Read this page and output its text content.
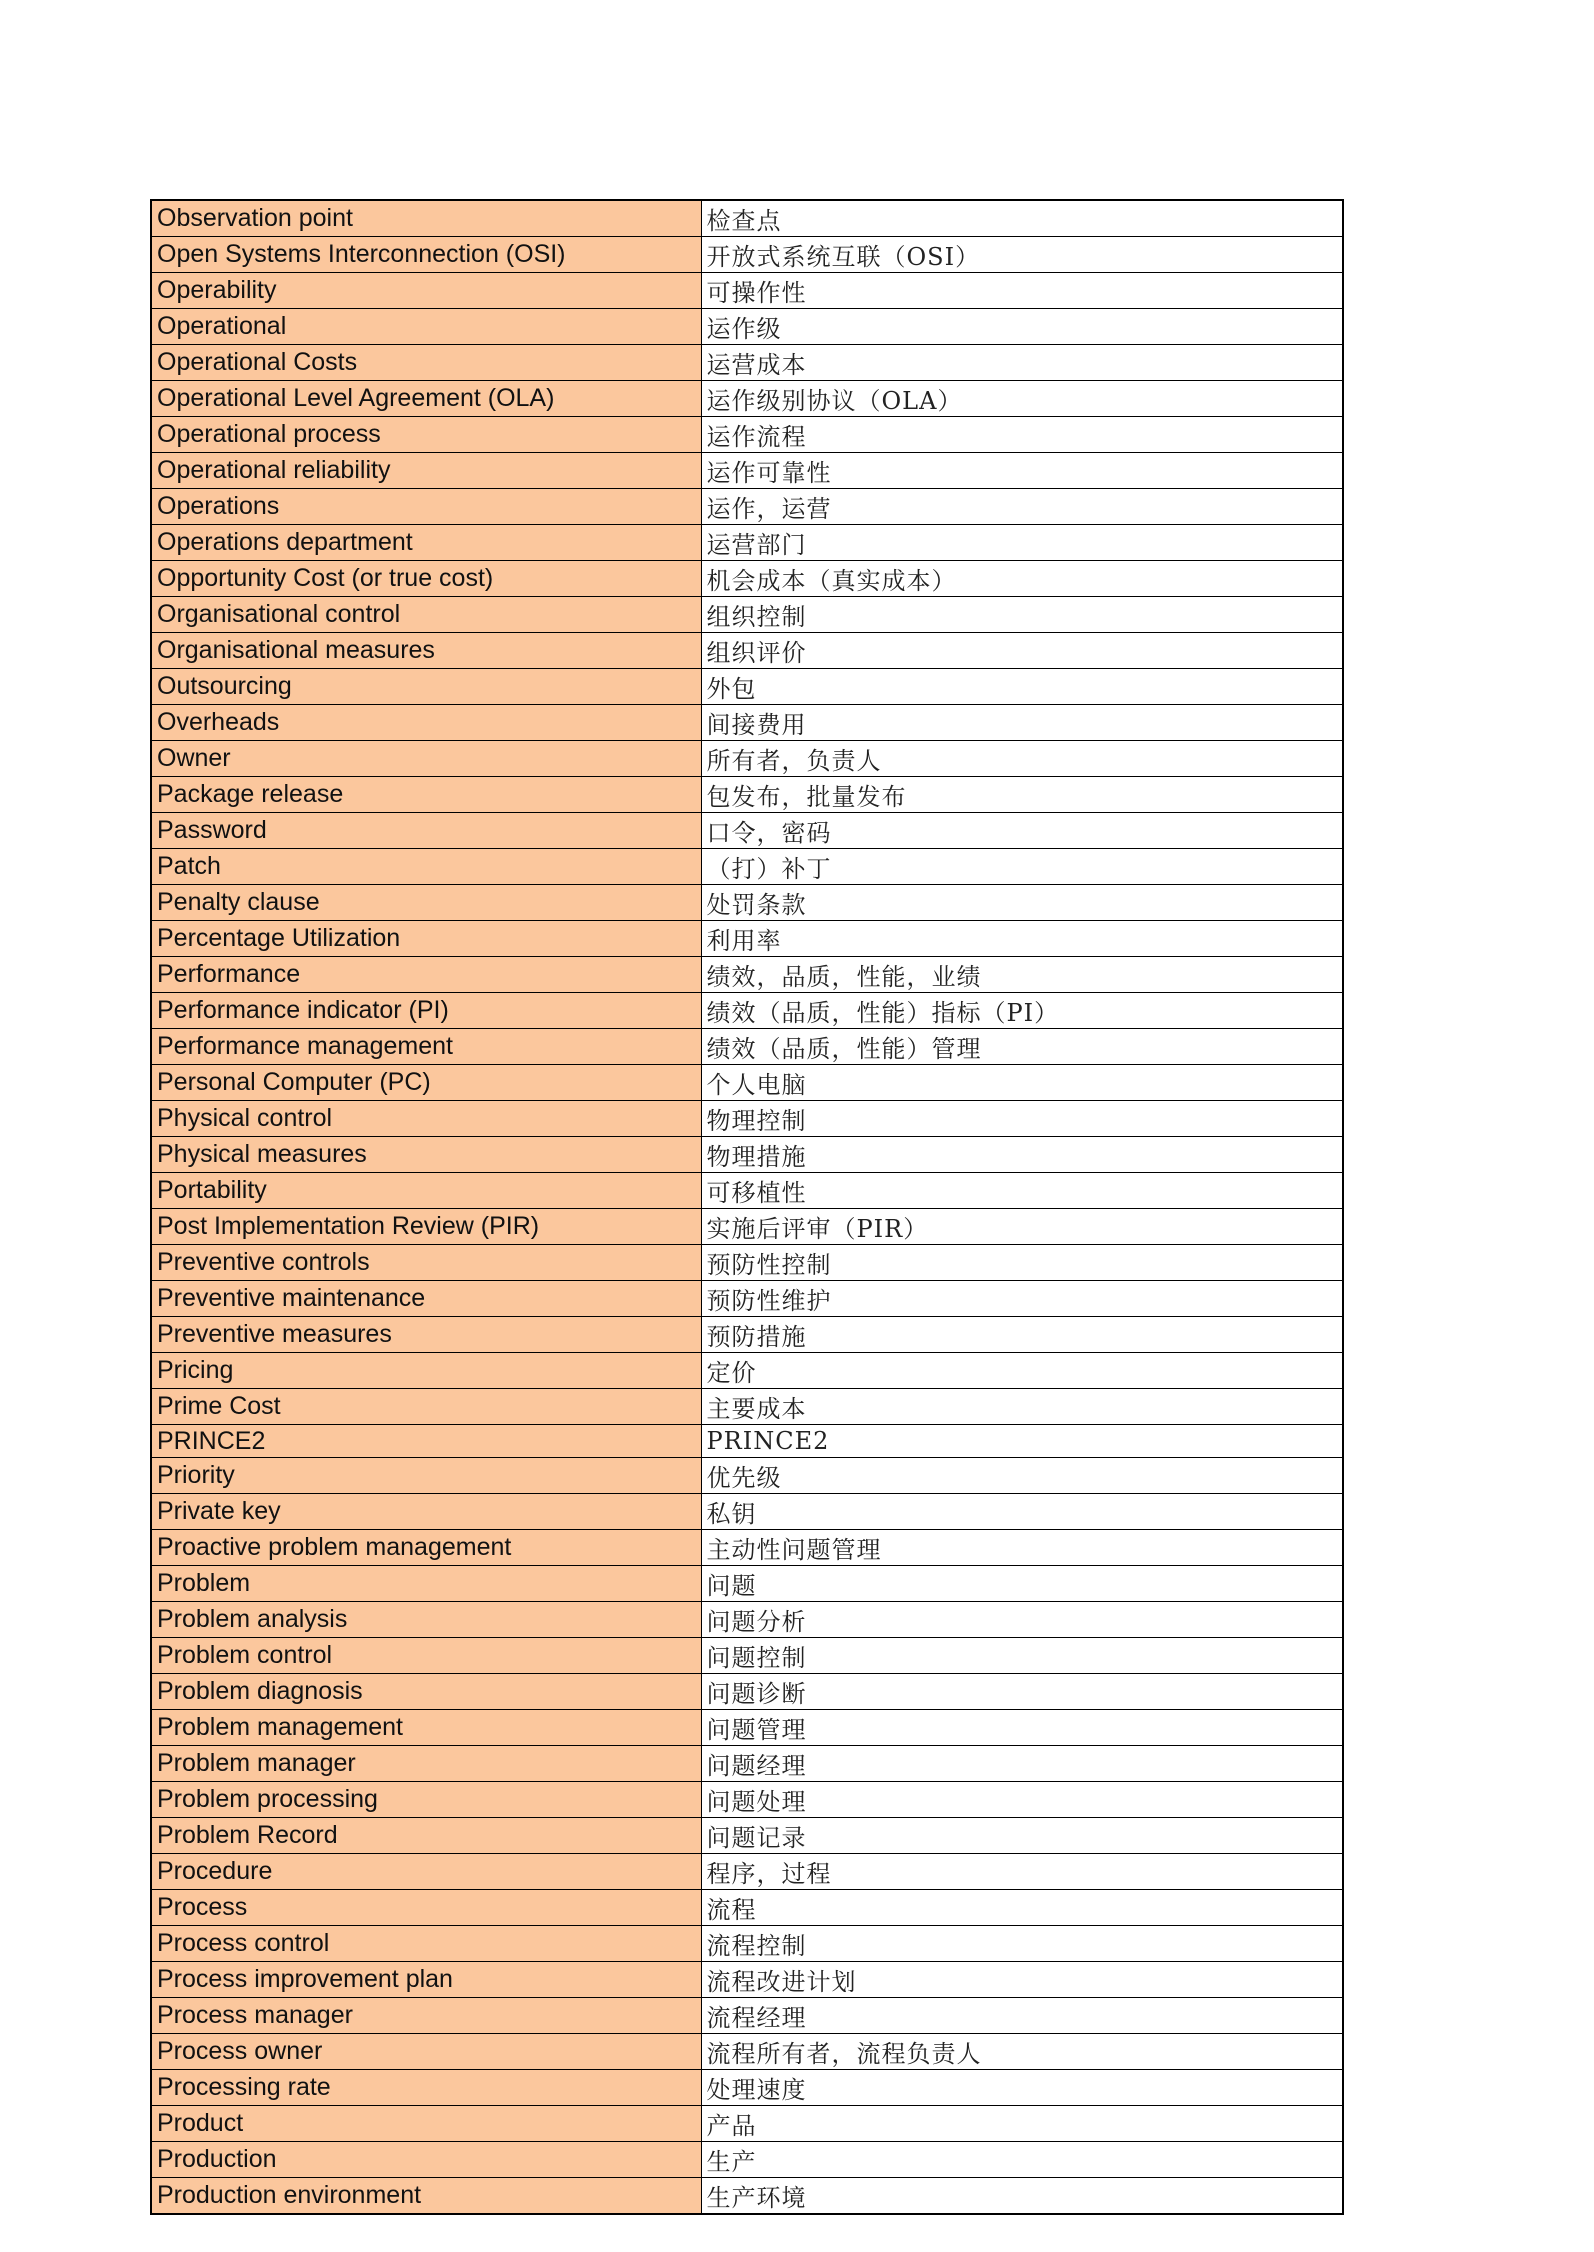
Observation point	检查点
Open Systems Interconnection (OSI)	开放式系统互联（OSI）
Operability	可操作性
Operational	运作级
Operational Costs	运营成本
Operational Level Agreement (OLA)	运作级别协议（OLA）
Operational process	运作流程
Operational reliability	运作可靠性
Operations	运作，运营
Operations department	运营部门
Opportunity Cost (or true cost)	机会成本（真实成本）
Organisational control	组织控制
Organisational measures	组织评价
Outsourcing	外包
Overheads	间接费用
Owner	所有者，负责人
Package release	包发布，批量发布
Password	口令，密码
Patch	（打）补丁
Penalty clause	处罚条款
Percentage Utilization	利用率
Performance	绩效，品质，性能，业绩
Performance indicator (PI)	绩效（品质，性能）指标（PI）
Performance management	绩效（品质，性能）管理
Personal Computer (PC)	个人电脑
Physical control	物理控制
Physical measures	物理措施
Portability	可移植性
Post Implementation Review (PIR)	实施后评审（PIR）
Preventive controls	预防性控制
Preventive maintenance	预防性维护
Preventive measures	预防措施
Pricing	定价
Prime Cost	主要成本
PRINCE2	PRINCE2
Priority	优先级
Private key	私钥
Proactive problem management	主动性问题管理
Problem	问题
Problem analysis	问题分析
Problem control	问题控制
Problem diagnosis	问题诊断
Problem management	问题管理
Problem manager	问题经理
Problem processing	问题处理
Problem Record	问题记录
Procedure	程序，过程
Process	流程
Process control	流程控制
Process improvement plan	流程改进计划
Process manager	流程经理
Process owner	流程所有者，流程负责人
Processing rate	处理速度
Product	产品
Production	生产
Production environment	生产环境
